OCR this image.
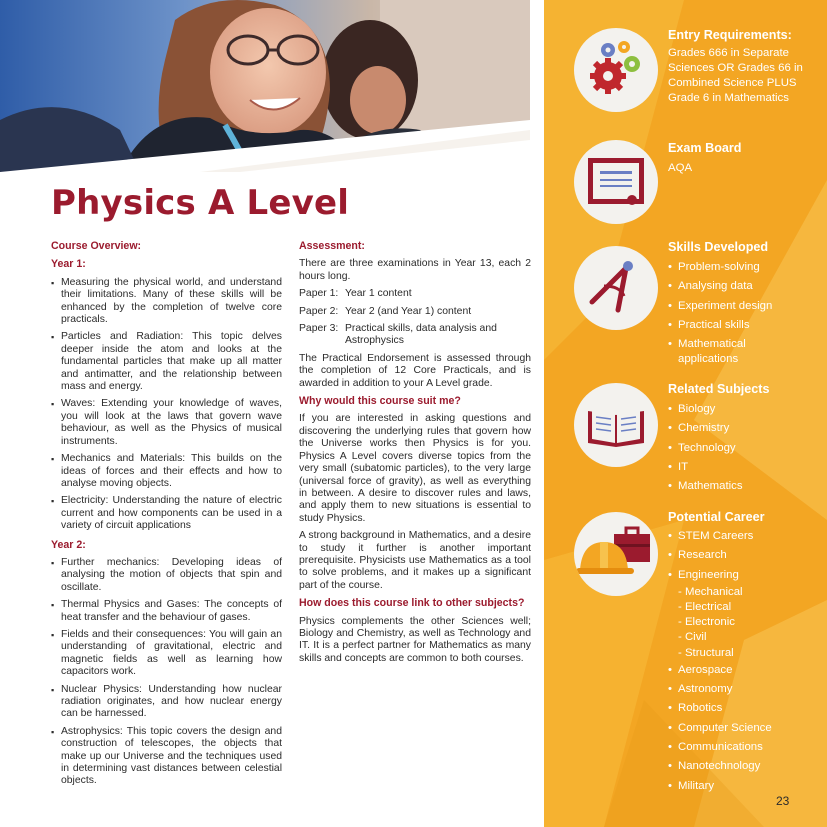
Physics A Level
Course Overview:
Year 1:
▪ Measuring the physical world, and understand their limitations. Many of these skills will be enhanced by the completion of twelve core practicals.
▪ Particles and Radiation: This topic delves deeper inside the atom and looks at the fundamental particles that make up all matter and antimatter, and the relationship between mass and energy.
▪ Waves: Extending your knowledge of waves, you will look at the laws that govern wave behaviour, as well as the Physics of musical instruments.
▪ Mechanics and Materials: This builds on the ideas of forces and their effects and how to analyse moving objects.
▪ Electricity: Understanding the nature of electric current and how components can be used in a variety of circuit applications
Year 2:
▪ Further mechanics: Developing ideas of analysing the motion of objects that spin and oscillate.
▪ Thermal Physics and Gases: The concepts of heat transfer and the behaviour of gases.
▪ Fields and their consequences: You will gain an understanding of gravitational, electric and magnetic fields as well as learning how capacitors work.
▪ Nuclear Physics: Understanding how nuclear radiation originates, and how nuclear energy can be harnessed.
▪ Astrophysics: This topic covers the design and construction of telescopes, the objects that make up our Universe and the techniques used in determining vast distances between celestial objects.
Assessment:

There are three examinations in Year 13, each 2 hours long.

Paper 1: Year 1 content
Paper 2: Year 2 (and Year 1) content
Paper 3: Practical skills, data analysis and Astrophysics

The Practical Endorsement is assessed through the completion of 12 Core Practicals, and is awarded in addition to your A Level grade.

Why would this course suit me?

If you are interested in asking questions and discovering the underlying rules that govern how the Universe works then Physics is for you. Physics A Level covers diverse topics from the very small (subatomic particles), to the very large (universal force of gravity), as well as everything in between. A desire to discover rules and laws, and apply them to new situations is essential to study Physics.

A strong background in Mathematics, and a desire to study it further is another important prerequisite. Physicists use Mathematics as a tool to solve problems, and it makes up a significant part of the course.

How does this course link to other subjects?

Physics complements the other Sciences well; Biology and Chemistry, as well as Technology and IT. It is a perfect partner for Mathematics as many skills and concepts are common to both courses.

Entry Requirements:
Grades 666 in Separate Sciences OR Grades 66 in Combined Science PLUS Grade 6 in Mathematics
Exam Board
AQA
Skills Developed
• Problem-solving
• Analysing data
• Experiment design
• Practical skills
• Mathematical applications
Related Subjects
• Biology
• Chemistry
• Technology
• IT
• Mathematics
Potential Career
• STEM Careers
• Research
• Engineering
- Mechanical
- Electrical
- Electronic
- Civil
- Structural
• Aerospace
• Astronomy
• Robotics
• Computer Science
• Communications
• Nanotechnology
• Military
23
